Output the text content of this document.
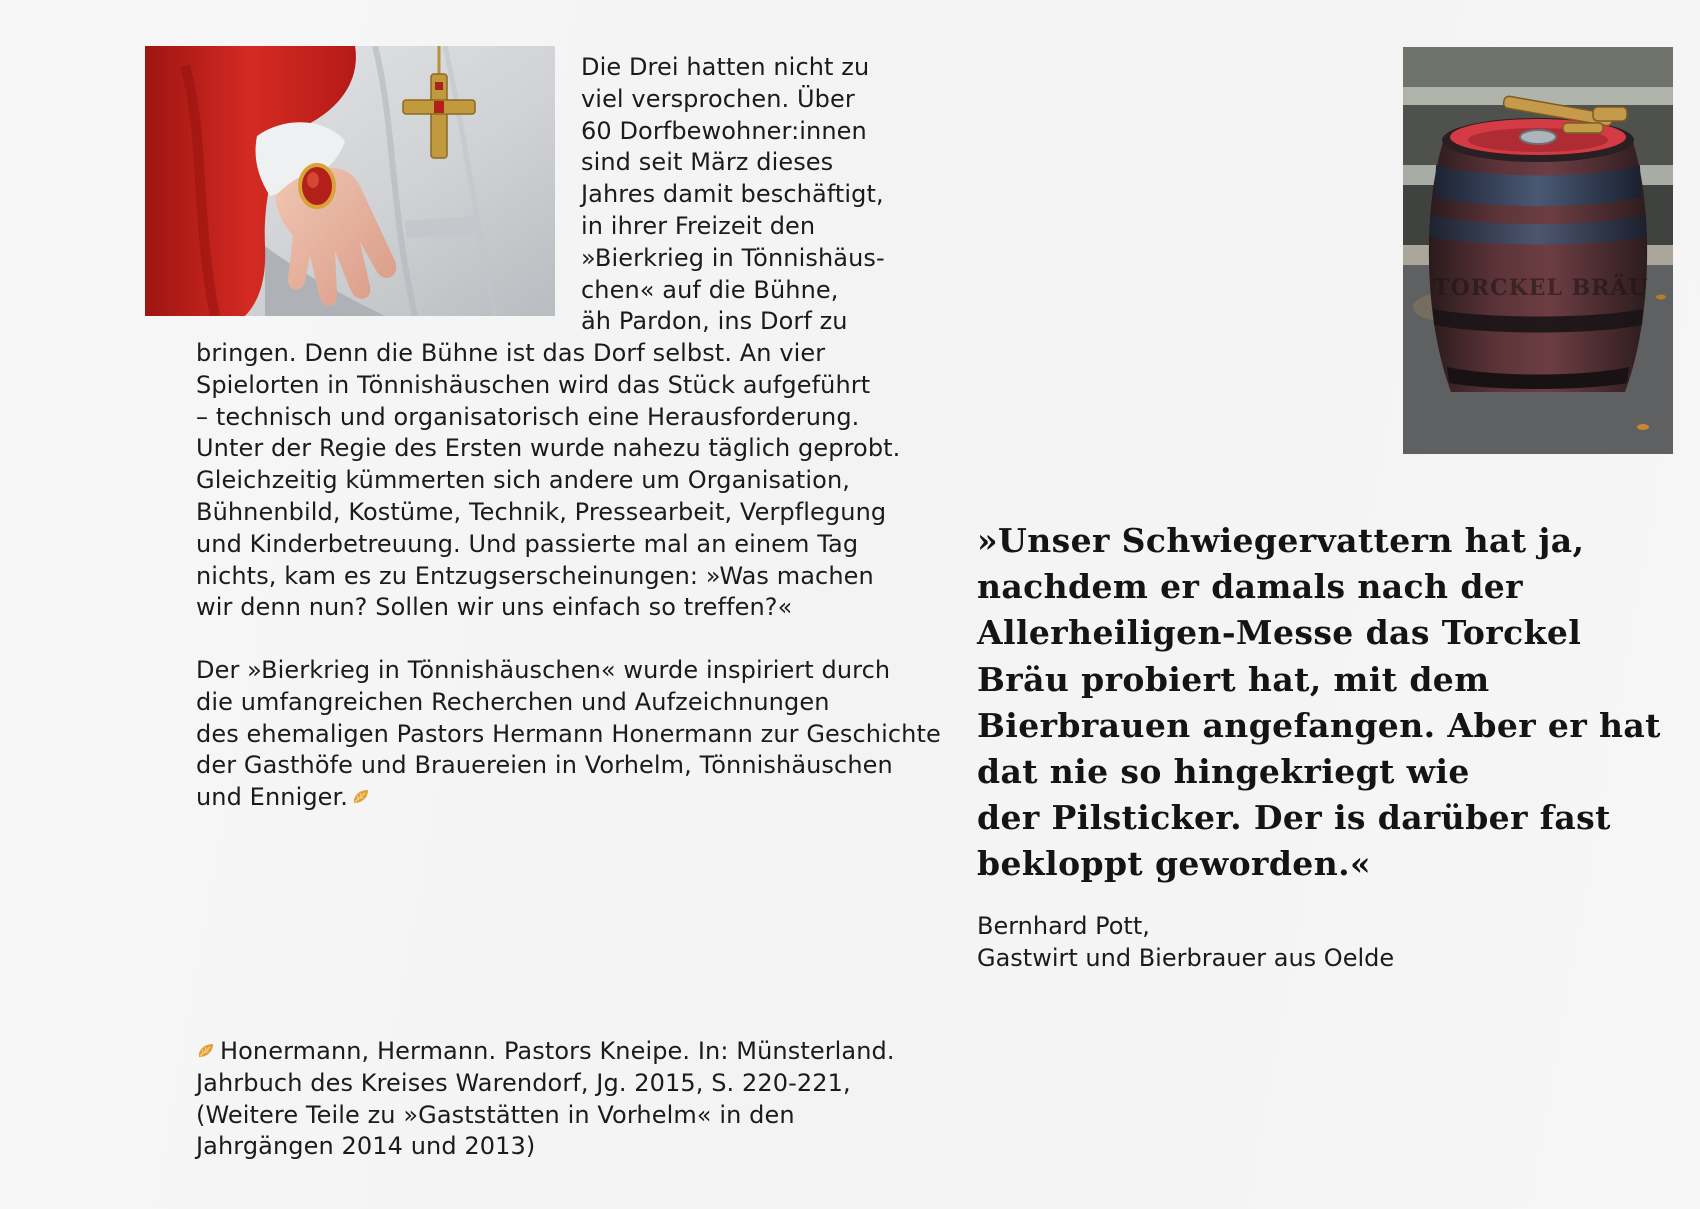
TORCKEL BRÄU
Die Drei hatten nicht zu
viel versprochen. Über
60 Dorfbewohner:innen
sind seit März dieses
Jahres damit beschäftigt,
in ihrer Freizeit den
»Bierkrieg in Tönnishäus-
chen« auf die Bühne,
äh Pardon, ins Dorf zu
bringen. Denn die Bühne ist das Dorf selbst. An vier
Spielorten in Tönnishäuschen wird das Stück aufgeführt
– technisch und organisatorisch eine Herausforderung.
Unter der Regie des Ersten wurde nahezu täglich geprobt.
Gleichzeitig kümmerten sich andere um Organisation,
Bühnenbild, Kostüme, Technik, Pressearbeit, Verpflegung
und Kinderbetreuung. Und passierte mal an einem Tag
nichts, kam es zu Entzugserscheinungen: »Was machen
wir denn nun? Sollen wir uns einfach so treffen?«
Der »Bierkrieg in Tönnishäuschen« wurde inspiriert durch
die umfangreichen Recherchen und Aufzeichnungen
des ehemaligen Pastors Hermann Honermann zur Geschichte
der Gasthöfe und Brauereien in Vorhelm, Tönnishäuschen
und Enniger.
Honermann, Hermann. Pastors Kneipe. In: Münsterland.
Jahrbuch des Kreises Warendorf, Jg. 2015, S. 220-221,
(Weitere Teile zu »Gaststätten in Vorhelm« in den
Jahrgängen 2014 und 2013)
»Unser Schwiegervattern hat ja,
nachdem er damals nach der
Allerheiligen-Messe das Torckel
Bräu probiert hat, mit dem
Bierbrauen angefangen. Aber er hat
dat nie so hingekriegt wie
der Pilsticker. Der is darüber fast
bekloppt geworden.«
Bernhard Pott,
Gastwirt und Bierbrauer aus Oelde
